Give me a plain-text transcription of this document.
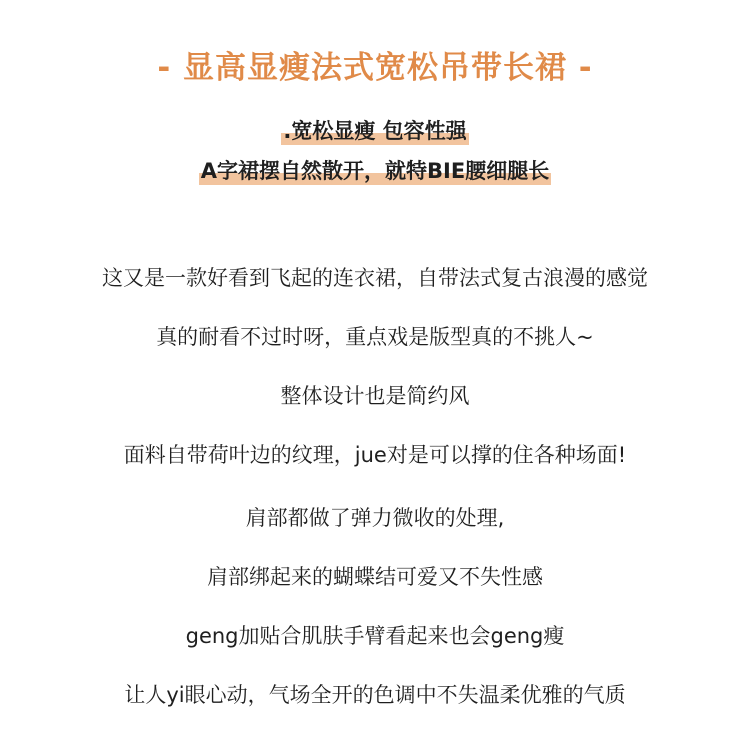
- 显高显瘦法式宽松吊带长裙 -
.宽松显瘦 包容性强
A字裙摆自然散开，就特BIE腰细腿长
这又是一款好看到飞起的连衣裙，自带法式复古浪漫的感觉
真的耐看不过时呀，重点戏是版型真的不挑人~
整体设计也是简约风
面料自带荷叶边的纹理，jue对是可以撑的住各种场面!
肩部都做了弹力微收的处理,
肩部绑起来的蝴蝶结可爱又不失性感
geng加贴合肌肤手臂看起来也会geng瘦
让人yi眼心动，气场全开的色调中不失温柔优雅的气质
